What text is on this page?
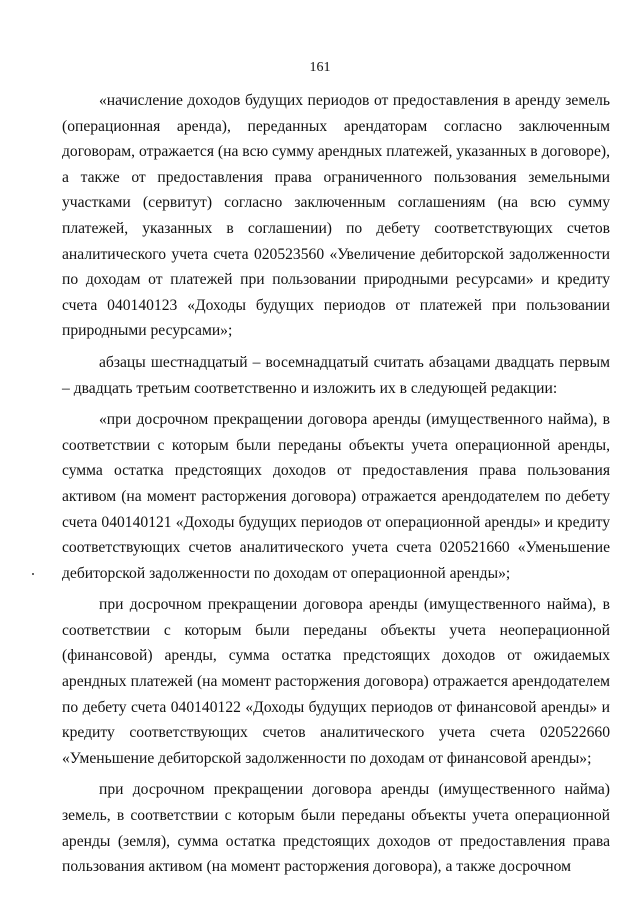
161

«начисление доходов будущих периодов от предоставления в аренду земель (операционная аренда), переданных арендаторам согласно заключенным договорам, отражается (на всю сумму арендных платежей, указанных в договоре), а также от предоставления права ограниченного пользования земельными участками (сервитут) согласно заключенным соглашениям (на всю сумму платежей, указанных в соглашении) по дебету соответствующих счетов аналитического учета счета 020523560 «Увеличение дебиторской задолженности по доходам от платежей при пользовании природными ресурсами» и кредиту счета 040140123 «Доходы будущих периодов от платежей при пользовании природными ресурсами»;

абзацы шестнадцатый – восемнадцатый считать абзацами двадцать первым – двадцать третьим соответственно и изложить их в следующей редакции:

«при досрочном прекращении договора аренды (имущественного найма), в соответствии с которым были переданы объекты учета операционной аренды, сумма остатка предстоящих доходов от предоставления права пользования активом (на момент расторжения договора) отражается арендодателем по дебету счета 040140121 «Доходы будущих периодов от операционной аренды» и кредиту соответствующих счетов аналитического учета счета 020521660 «Уменьшение дебиторской задолженности по доходам от операционной аренды»;

при досрочном прекращении договора аренды (имущественного найма), в соответствии с которым были переданы объекты учета неоперационной (финансовой) аренды, сумма остатка предстоящих доходов от ожидаемых арендных платежей (на момент расторжения договора) отражается арендодателем по дебету счета 040140122 «Доходы будущих периодов от финансовой аренды» и кредиту соответствующих счетов аналитического учета счета 020522660 «Уменьшение дебиторской задолженности по доходам от финансовой аренды»;

при досрочном прекращении договора аренды (имущественного найма) земель, в соответствии с которым были переданы объекты учета операционной аренды (земля), сумма остатка предстоящих доходов от предоставления права пользования активом (на момент расторжения договора), а также досрочном
